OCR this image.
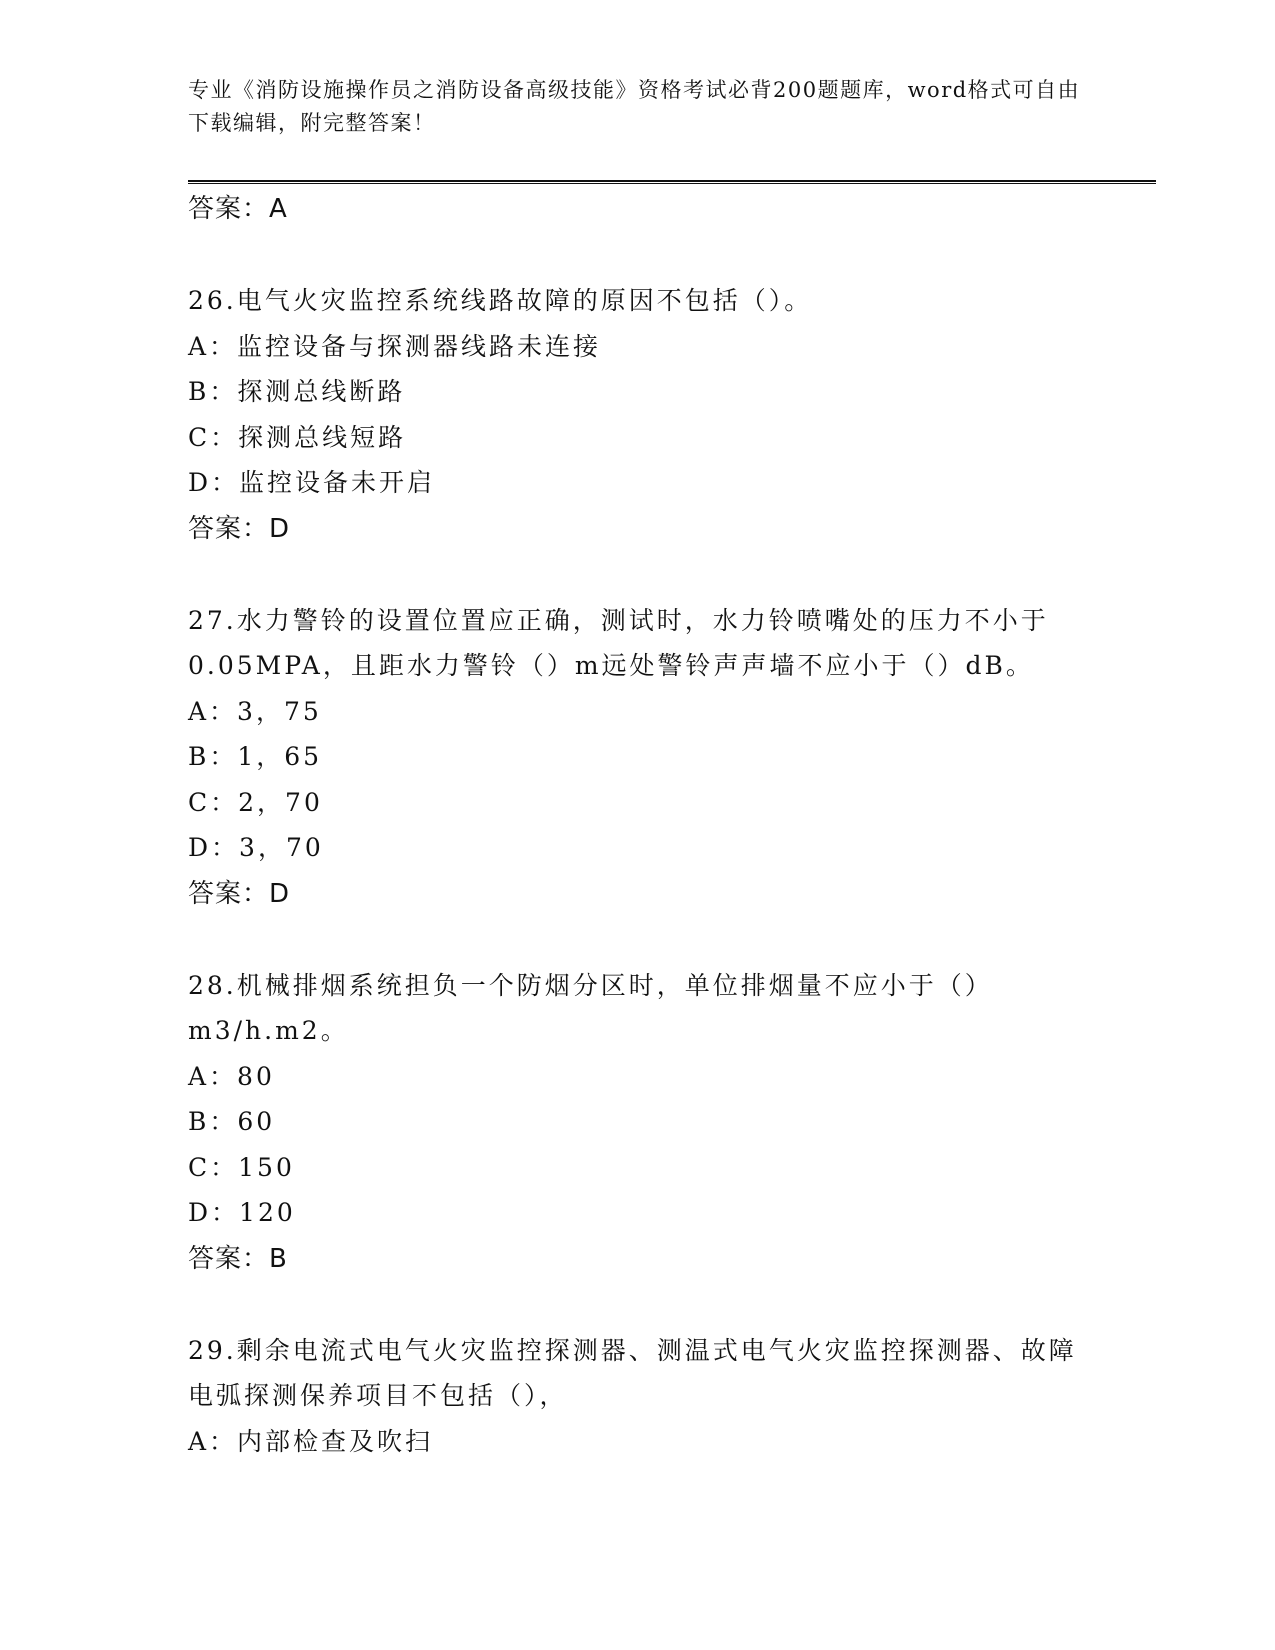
专业《消防设施操作员之消防设备高级技能》资格考试必背200题题库，word格式可自由下载编辑，附完整答案！
答案：A
26.电气火灾监控系统线路故障的原因不包括（）。
A：监控设备与探测器线路未连接
B：探测总线断路
C：探测总线短路
D：监控设备未开启
答案：D
27.水力警铃的设置位置应正确，测试时，水力铃喷嘴处的压力不小于0.05MPA，且距水力警铃（）m远处警铃声声墙不应小于（）dB。
A：3，75
B：1，65
C：2，70
D：3，70
答案：D
28.机械排烟系统担负一个防烟分区时，单位排烟量不应小于（）m3/h.m2。
A：80
B：60
C：150
D：120
答案：B
29.剩余电流式电气火灾监控探测器、测温式电气火灾监控探测器、故障电弧探测保养项目不包括（），
A：内部检查及吹扫
